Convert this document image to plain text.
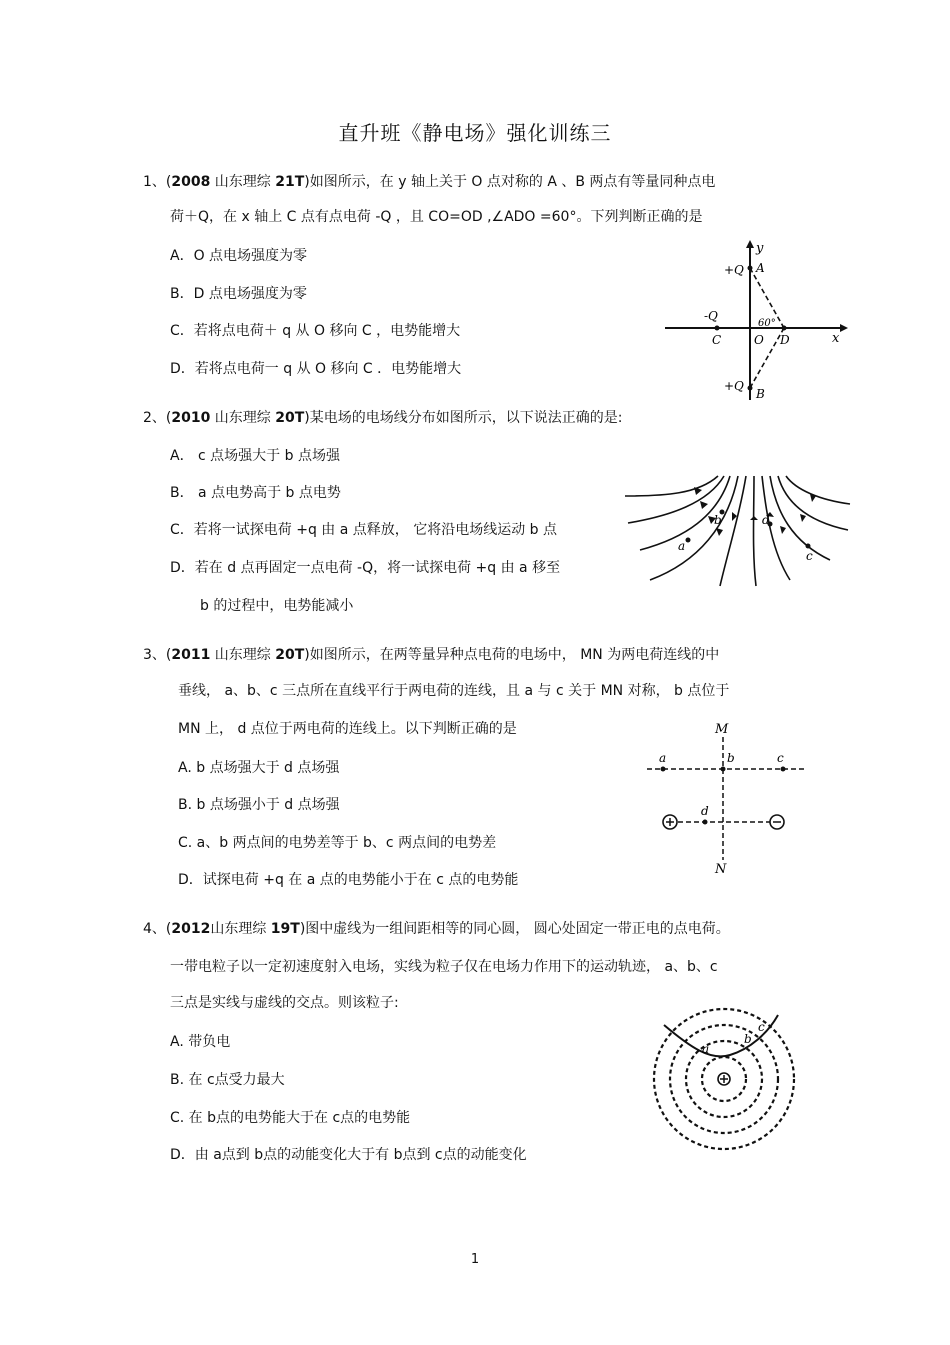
直升班《静电场》强化训练三
1、(2008 山东理综 21T)如图所示，在 y 轴上关于 O 点对称的 A 、B 两点有等量同种点电
荷＋Q，在 x 轴上 C 点有点电荷 -Q ，且 CO=OD ,∠ADO =60°。下列判断正确的是
A．O 点电场强度为零
B．D 点电场强度为零
C．若将点电荷＋ q 从 O 移向 C ，电势能增大
D．若将点电荷一 q 从 O 移向 C ．电势能增大
y
x
+Q A
-Q
C	O D
60°
+Q
B
2、(2010 山东理综 20T)某电场的电场线分布如图所示，以下说法正确的是:
A． c 点场强大于 b 点场强
B． a 点电势高于 b 点电势
C．若将一试探电荷 +q 由 a 点释放， 它将沿电场线运动 b 点
D．若在 d 点再固定一点电荷 -Q，将一试探电荷 +q 由 a 移至
b 的过程中，电势能减小
a
b
c
d
3、(2011 山东理综 20T)如图所示，在两等量异种点电荷的电场中， MN 为两电荷连线的中
垂线， a、b、c 三点所在直线平行于两电荷的连线，且 a 与 c 关于 MN 对称， b 点位于
MN 上， d 点位于两电荷的连线上。以下判断正确的是
A. b 点场强大于 d 点场强
B. b 点场强小于 d 点场强
C. a、b 两点间的电势差等于 b、c 两点间的电势差
D．试探电荷 +q 在 a 点的电势能小于在 c 点的电势能
M
N
a	b	c
d
4、(2012山东理综 19T)图中虚线为一组间距相等的同心圆， 圆心处固定一带正电的点电荷。
一带电粒子以一定初速度射入电场，实线为粒子仅在电场力作用下的运动轨迹， a、b、c
三点是实线与虚线的交点。则该粒子:
A. 带负电
B. 在 c点受力最大
C. 在 b点的电势能大于在 c点的电势能
D．由 a点到 b点的动能变化大于有 b点到 c点的动能变化
a
b
c
1
